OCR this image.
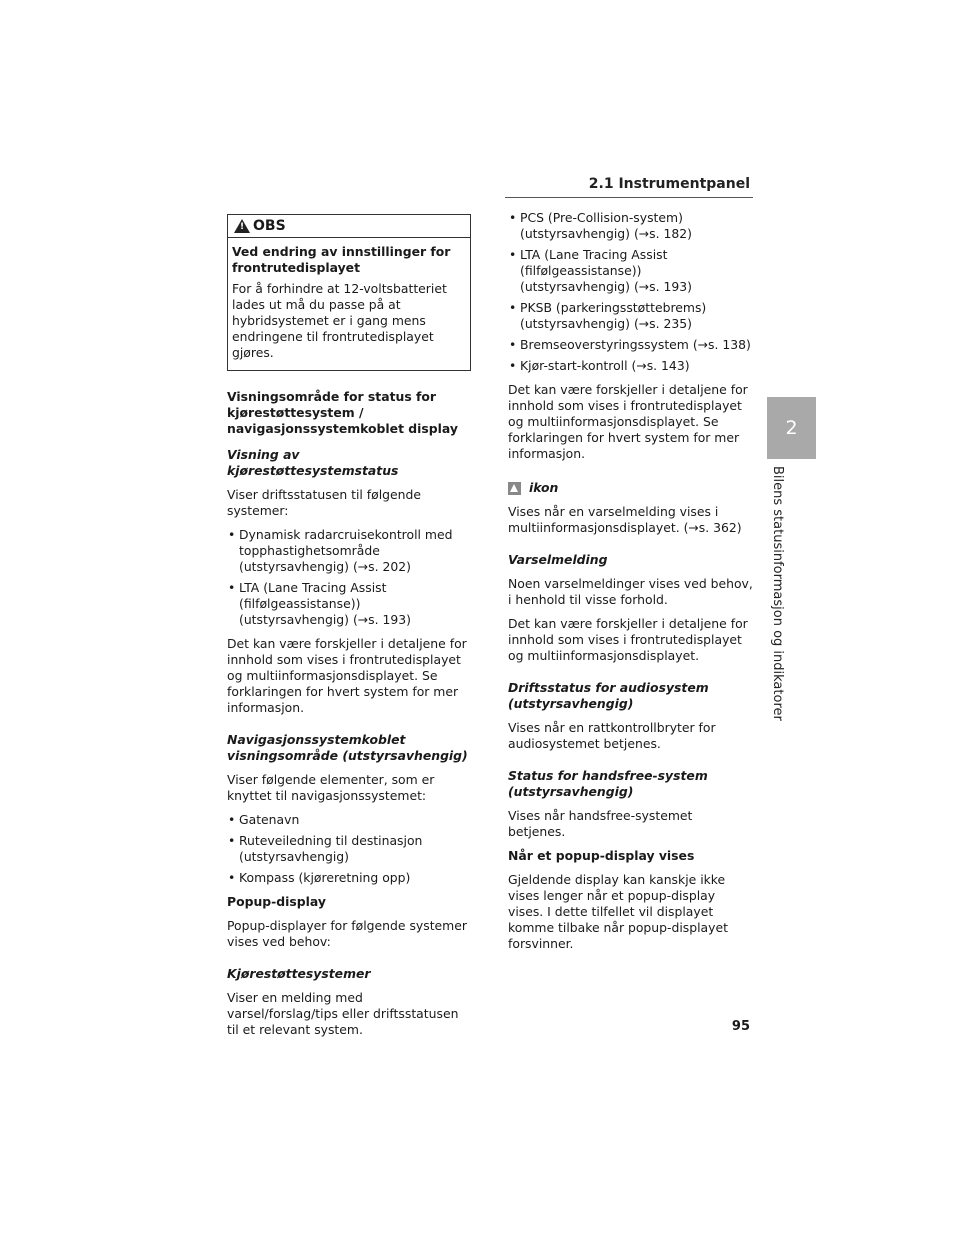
2.1 Instrumentpanel
2
Bilens statusinformasjon og indikatorer
!
OBS

Ved endring av innstillinger for frontrutedisplayet

For å forhindre at 12-voltsbatteriet lades ut må du passe på at hybridsystemet er i gang mens endringene til frontrutedisplayet gjøres.

Visningsområde for status for kjørestøttesystem / navigasjonssystemkoblet display

Visning av kjørestøttesystemstatus

Viser driftsstatusen til følgende systemer:

• Dynamisk radarcruisekontroll med topphastighetsområde (utstyrsavhengig) (→s. 202)
• LTA (Lane Tracing Assist (filfølgeassistanse)) (utstyrsavhengig) (→s. 193)

Det kan være forskjeller i detaljene for innhold som vises i frontrutedisplayet og multiinformasjonsdisplayet. Se forklaringen for hvert system for mer informasjon.

Navigasjonssystemkoblet visningsområde (utstyrsavhengig)

Viser følgende elementer, som er knyttet til navigasjonssystemet:

• Gatenavn
• Ruteveiledning til destinasjon (utstyrsavhengig)
• Kompass (kjøreretning opp)

Popup-display

Popup-displayer for følgende systemer vises ved behov:

Kjørestøttesystemer

Viser en melding med varsel/forslag/tips eller driftsstatusen til et relevant system.

• PCS (Pre-Collision-system) (utstyrsavhengig) (→s. 182)
• LTA (Lane Tracing Assist (filfølgeassistanse)) (utstyrsavhengig) (→s. 193)
• PKSB (parkeringsstøttebrems) (utstyrsavhengig) (→s. 235)
• Bremseoverstyringssystem (→s. 138)
• Kjør-start-kontroll (→s. 143)

Det kan være forskjeller i detaljene for innhold som vises i frontrutedisplayet og multiinformasjonsdisplayet. Se forklaringen for hvert system for mer informasjon.

ikon

Vises når en varselmelding vises i multiinformasjonsdisplayet. (→s. 362)

Varselmelding

Noen varselmeldinger vises ved behov, i henhold til visse forhold.

Det kan være forskjeller i detaljene for innhold som vises i frontrutedisplayet og multiinformasjonsdisplayet.

Driftsstatus for audiosystem (utstyrsavhengig)

Vises når en rattkontrollbryter for audiosystemet betjenes.

Status for handsfree-system (utstyrsavhengig)

Vises når handsfree-systemet betjenes.

Når et popup-display vises

Gjeldende display kan kanskje ikke vises lenger når et popup-display vises. I dette tilfellet vil displayet komme tilbake når popup-displayet forsvinner.

95
